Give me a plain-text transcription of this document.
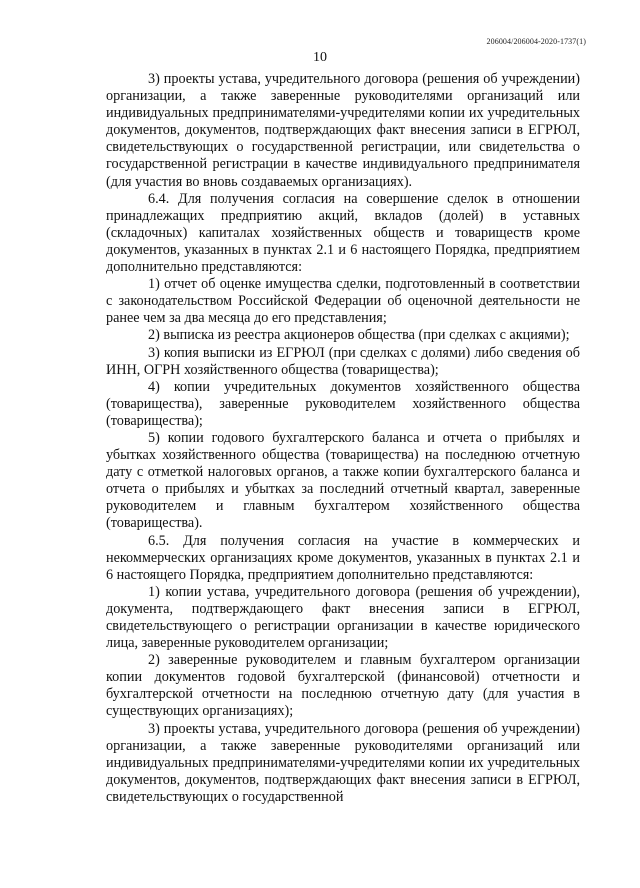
206004/206004-2020-1737(1)
10

3) проекты устава, учредительного договора (решения об учреждении) организации, а также заверенные руководителями организаций или индивидуальных предпринимателями-учредителями копии их учредительных документов, документов, подтверждающих факт внесения записи в ЕГРЮЛ, свидетельствующих о государственной регистрации, или свидетельства о государственной регистрации в качестве индивидуального предпринимателя (для участия во вновь создаваемых организациях).

6.4. Для получения согласия на совершение сделок в отношении принадлежащих предприятию акций, вкладов (долей) в уставных (складочных) капиталах хозяйственных обществ и товариществ кроме документов, указанных в пунктах 2.1 и 6 настоящего Порядка, предприятием дополнительно представляются:

1) отчет об оценке имущества сделки, подготовленный в соответствии с законодательством Российской Федерации об оценочной деятельности не ранее чем за два месяца до его представления;

2) выписка из реестра акционеров общества (при сделках с акциями);

3) копия выписки из ЕГРЮЛ (при сделках с долями) либо сведения об ИНН, ОГРН хозяйственного общества (товарищества);

4) копии учредительных документов хозяйственного общества (товарищества), заверенные руководителем хозяйственного общества (товарищества);

5) копии годового бухгалтерского баланса и отчета о прибылях и убытках хозяйственного общества (товарищества) на последнюю отчетную дату с отметкой налоговых органов, а также копии бухгалтерского баланса и отчета о прибылях и убытках за последний отчетный квартал, заверенные руководителем и главным бухгалтером хозяйственного общества (товарищества).

6.5. Для получения согласия на участие в коммерческих и некоммерческих организациях кроме документов, указанных в пунктах 2.1 и 6 настоящего Порядка, предприятием дополнительно представляются:

1) копии устава, учредительного договора (решения об учреждении), документа, подтверждающего факт внесения записи в ЕГРЮЛ, свидетельствующего о регистрации организации в качестве юридического лица, заверенные руководителем организации;

2) заверенные руководителем и главным бухгалтером организации копии документов годовой бухгалтерской (финансовой) отчетности и бухгалтерской отчетности на последнюю отчетную дату (для участия в существующих организациях);

3) проекты устава, учредительного договора (решения об учреждении) организации, а также заверенные руководителями организаций или индивидуальных предпринимателями-учредителями копии их учредительных документов, документов, подтверждающих факт внесения записи в ЕГРЮЛ, свидетельствующих о государственной
